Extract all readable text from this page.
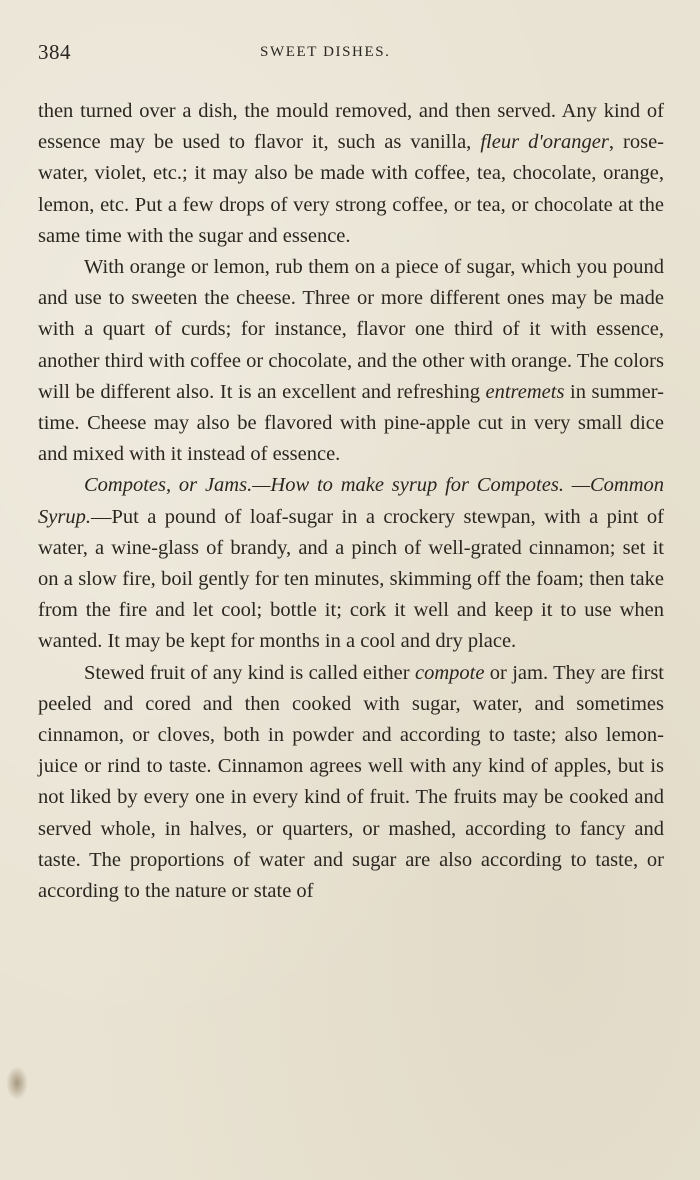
384	SWEET DISHES.

then turned over a dish, the mould removed, and then served. Any kind of essence may be used to flavor it, such as vanilla, fleur d'oranger, rose-water, violet, etc.; it may also be made with coffee, tea, chocolate, orange, lemon, etc. Put a few drops of very strong coffee, or tea, or chocolate at the same time with the sugar and essence.

With orange or lemon, rub them on a piece of sugar, which you pound and use to sweeten the cheese. Three or more different ones may be made with a quart of curds; for instance, flavor one third of it with essence, another third with coffee or chocolate, and the other with orange. The colors will be different also. It is an excellent and refreshing entremets in summer-time. Cheese may also be flavored with pine-apple cut in very small dice and mixed with it instead of essence.

Compotes, or Jams.—How to make syrup for Compotes. —Common Syrup.—Put a pound of loaf-sugar in a crockery stewpan, with a pint of water, a wine-glass of brandy, and a pinch of well-grated cinnamon; set it on a slow fire, boil gently for ten minutes, skimming off the foam; then take from the fire and let cool; bottle it; cork it well and keep it to use when wanted. It may be kept for months in a cool and dry place.

Stewed fruit of any kind is called either compote or jam. They are first peeled and cored and then cooked with sugar, water, and sometimes cinnamon, or cloves, both in powder and according to taste; also lemon-juice or rind to taste. Cinnamon agrees well with any kind of apples, but is not liked by every one in every kind of fruit. The fruits may be cooked and served whole, in halves, or quarters, or mashed, according to fancy and taste. The proportions of water and sugar are also according to taste, or according to the nature or state of
